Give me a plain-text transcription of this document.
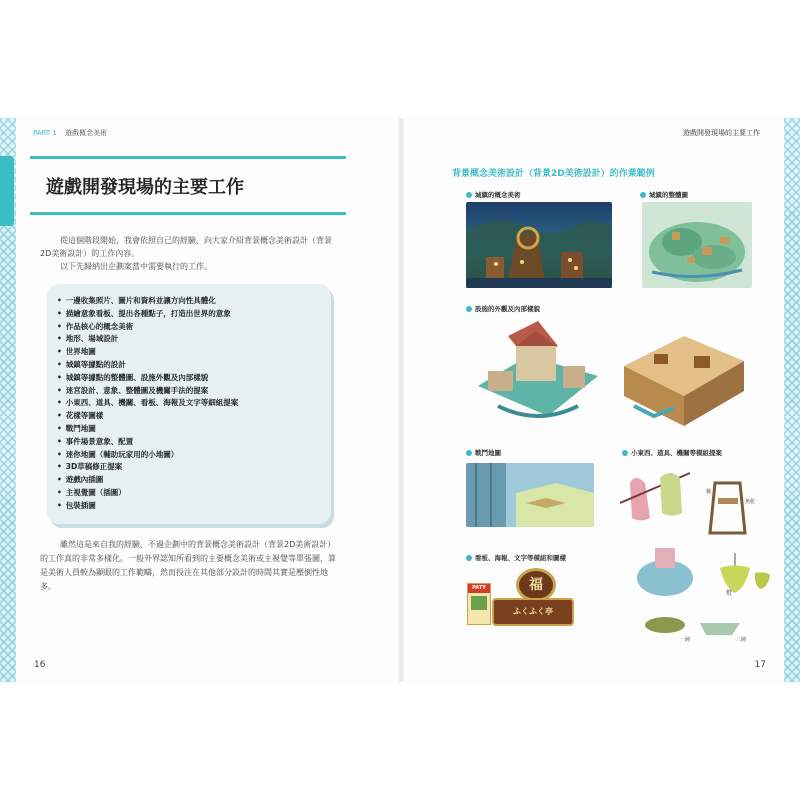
PART 1 遊戲概念美術
遊戲開發現場的主要工作

從這個階段開始，我會依照自己的經驗，向大家介紹背景概念美術設計（背景2D美術設計）的工作內容。

以下先歸納出企劃案當中需要執行的工作。

• 一邊收集照片、圖片和資料並讓方向性具體化
• 描繪意象看板、提出各種點子，打造出世界的意象
• 作品核心的概念美術
• 地形、場域設計
• 世界地圖
• 城鎮等據點的設計
• 城鎮等據點的整體圖、設施外觀及內部樣貌
• 迷宮設計、意象、整體圖及機關手法的提案
• 小東西、道具、機關、看板、海報及文字等細組提案
• 花樣等圖樣
• 戰鬥地圖
• 事件場景意象、配置
• 迷你地圖（輔助玩家用的小地圖）
• 3D草稿修正提案
• 遊戲內插圖
• 主視覺圖（插圖）
• 包裝插圖

雖然這是來自我的經驗，不過企劃中的背景概念美術設計（背景2D美術設計）的工作真的非常多樣化。一般外界認知所看到的主要概念美術或主視覺等單張圖，算是美術人員較為顯眼的工作範疇，然而投注在其他部分設計的時間其實是壓倒性地多。

16
遊戲開發現場的主要工作
背景概念美術設計（背景2D美術設計）的作業範例
城鎮的概念美術	城鎮的整體圖
設施的外觀及內部樣貌
戰鬥地圖	小東西、道具、機關等模組提案
看板、海報、文字等模組和圖樣
PATY	福
ふくふく亭
魚乾
鐘
燈
一層	二層
17
